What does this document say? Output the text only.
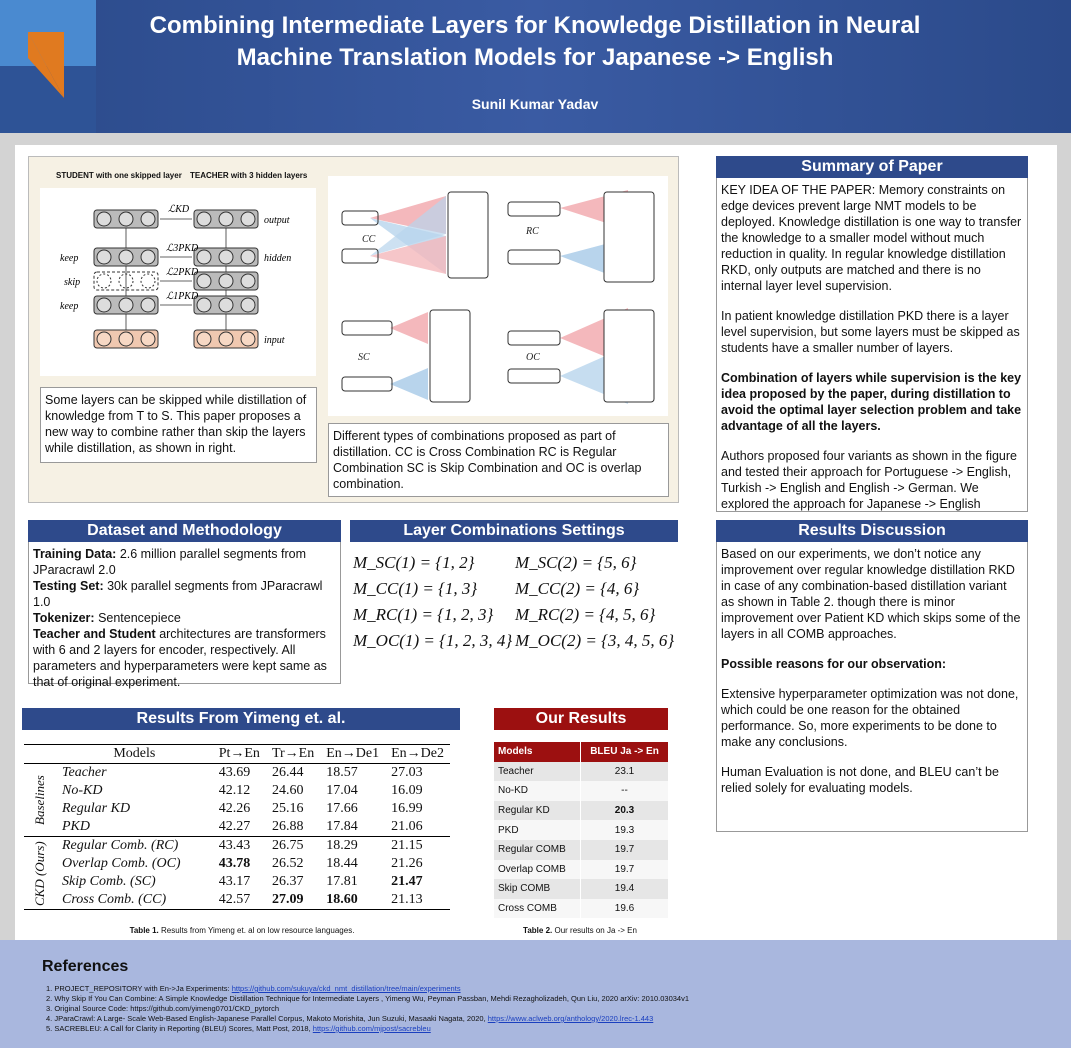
Combining Intermediate Layers for Knowledge Distillation in Neural Machine Translation Models for Japanese -> English
Sunil Kumar Yadav
STUDENT with one skipped layer TEACHER with 3 hidden layers
ℒKD
ℒ3PKD
ℒ2PKD
ℒ1PKD
output
hidden
input
keep
skip
keep
CC
RC
SC	OC
Some layers can be skipped while distillation of knowledge from T to S. This paper proposes a new way to combine rather than skip the layers while distillation, as shown in right.
Different types of combinations proposed as part of distillation. CC is Cross Combination RC is Regular Combination SC is Skip Combination and OC is overlap combination.
Summary of Paper
KEY IDEA OF THE PAPER: Memory constraints on edge devices prevent large NMT models to be deployed. Knowledge distillation is one way to transfer the knowledge to a smaller model without much reduction in quality. In regular knowledge distillation RKD, only outputs are matched and there is no internal layer level supervision.
In patient knowledge distillation PKD there is a layer level supervision, but some layers must be skipped as students have a smaller number of layers.
Combination of layers while supervision is the key idea proposed by the paper, during distillation to avoid the optimal layer selection problem and take advantage of all the layers.
Authors proposed four variants as shown in the figure and tested their approach for Portuguese -> English, Turkish -> English and English -> German. We explored the approach for Japanese -> English
Dataset and Methodology
Training Data: 2.6 million parallel segments from JParacrawl 2.0
Testing Set: 30k parallel segments from JParacrawl 1.0
Tokenizer: Sentencepiece
Teacher and Student architectures are transformers with 6 and 2 layers for encoder, respectively. All parameters and hyperparameters were kept same as that of original experiment.
Layer Combinations Settings
M_SC(1) = {1, 2}	M_SC(2) = {5, 6}
M_CC(1) = {1, 3}	M_CC(2) = {4, 6}
M_RC(1) = {1, 2, 3}	M_RC(2) = {4, 5, 6}
M_OC(1) = {1, 2, 3, 4}	M_OC(2) = {3, 4, 5, 6}
Results Discussion
Based on our experiments, we don’t notice any improvement over regular knowledge distillation RKD in case of any combination-based distillation variant as shown in Table 2. though there is minor improvement over Patient KD which skips some of the layers in all COMB approaches.
Possible reasons for our observation:
Extensive hyperparameter optimization was not done, which could be one reason for the obtained performance. So, more experiments to be done to make any conclusions.
Human Evaluation is not done, and BLEU can’t be relied solely for evaluating models.
Results From Yimeng et. al.
	Models	Pt→En	Tr→En	En→De1	En→De2
Baselines	Teacher	43.69	26.44	18.57	27.03
	No-KD	42.12	24.60	17.04	16.09
	Regular KD	42.26	25.16	17.66	16.99
	PKD	42.27	26.88	17.84	21.06
CKD (Ours)	Regular Comb. (RC)	43.43	26.75	18.29	21.15
	Overlap Comb. (OC)	43.78	26.52	18.44	21.26
	Skip Comb. (SC)	43.17	26.37	17.81	21.47
	Cross Comb. (CC)	42.57	27.09	18.60	21.13
Table 1. Results from Yimeng et. al on low resource languages.
Our Results
Models	BLEU Ja -> En
Teacher	23.1
No-KD	--
Regular KD	20.3
PKD	19.3
Regular COMB	19.7
Overlap COMB	19.7
Skip COMB	19.4
Cross COMB	19.6
Table 2. Our results on Ja -> En
References
1. PROJECT_REPOSITORY with En->Ja Experiments: https://github.com/sukuya/ckd_nmt_distillation/tree/main/experiments
2. Why Skip If You Can Combine: A Simple Knowledge Distillation Technique for Intermediate Layers , Yimeng Wu, Peyman Passban, Mehdi Rezagholizadeh, Qun Liu, 2020 arXiv: 2010.03034v1
3. Original Source Code: https://github.com/yimeng0701/CKD_pytorch
4. JParaCrawl: A Large- Scale Web-Based English-Japanese Parallel Corpus, Makoto Morishita, Jun Suzuki, Masaaki Nagata, 2020, https://www.aclweb.org/anthology/2020.lrec-1.443
5. SACREBLEU: A Call for Clarity in Reporting (BLEU) Scores, Matt Post, 2018, https://github.com/mjpost/sacrebleu
